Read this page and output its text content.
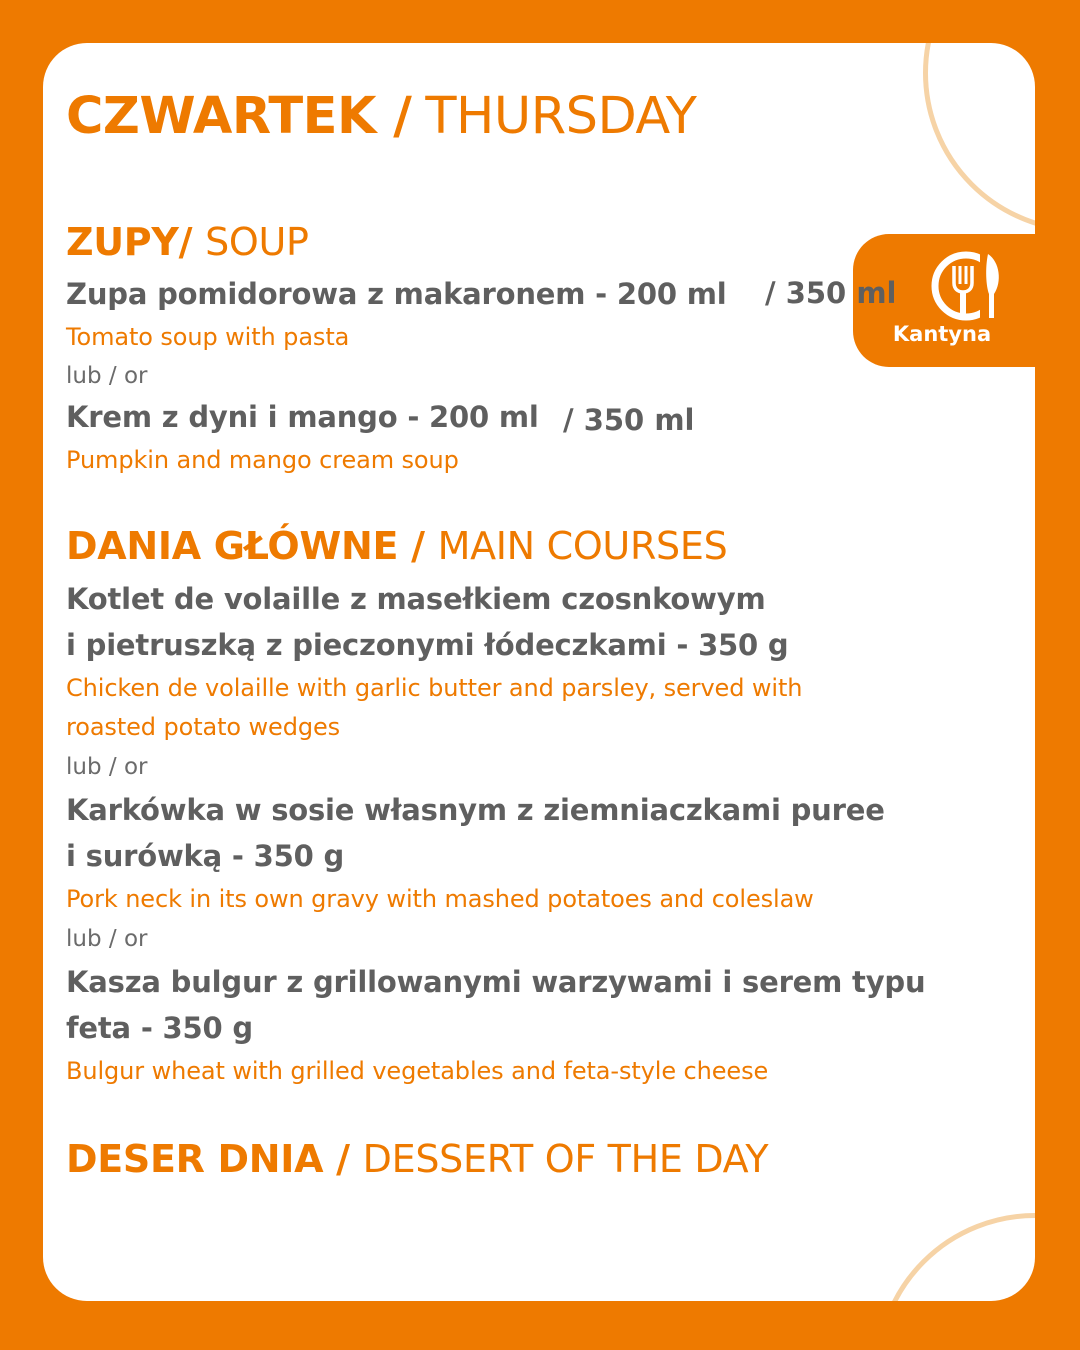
Kantyna
CZWARTEK / THURSDAY
ZUPY/ SOUP
Zupa pomidorowa z makaronem - 200 ml / 350 ml
Tomato soup with pasta
lub / or
Krem z dyni i mango - 200 ml / 350 ml
Pumpkin and mango cream soup
DANIA GŁÓWNE / MAIN COURSES
Kotlet de volaille z masełkiem czosnkowym
i pietruszką z pieczonymi łódeczkami - 350 g
Chicken de volaille with garlic butter and parsley, served with
roasted potato wedges
lub / or
Karkówka w sosie własnym z ziemniaczkami puree
i surówką - 350 g
Pork neck in its own gravy with mashed potatoes and coleslaw
lub / or
Kasza bulgur z grillowanymi warzywami i serem typu
feta - 350 g
Bulgur wheat with grilled vegetables and feta-style cheese
DESER DNIA / DESSERT OF THE DAY
